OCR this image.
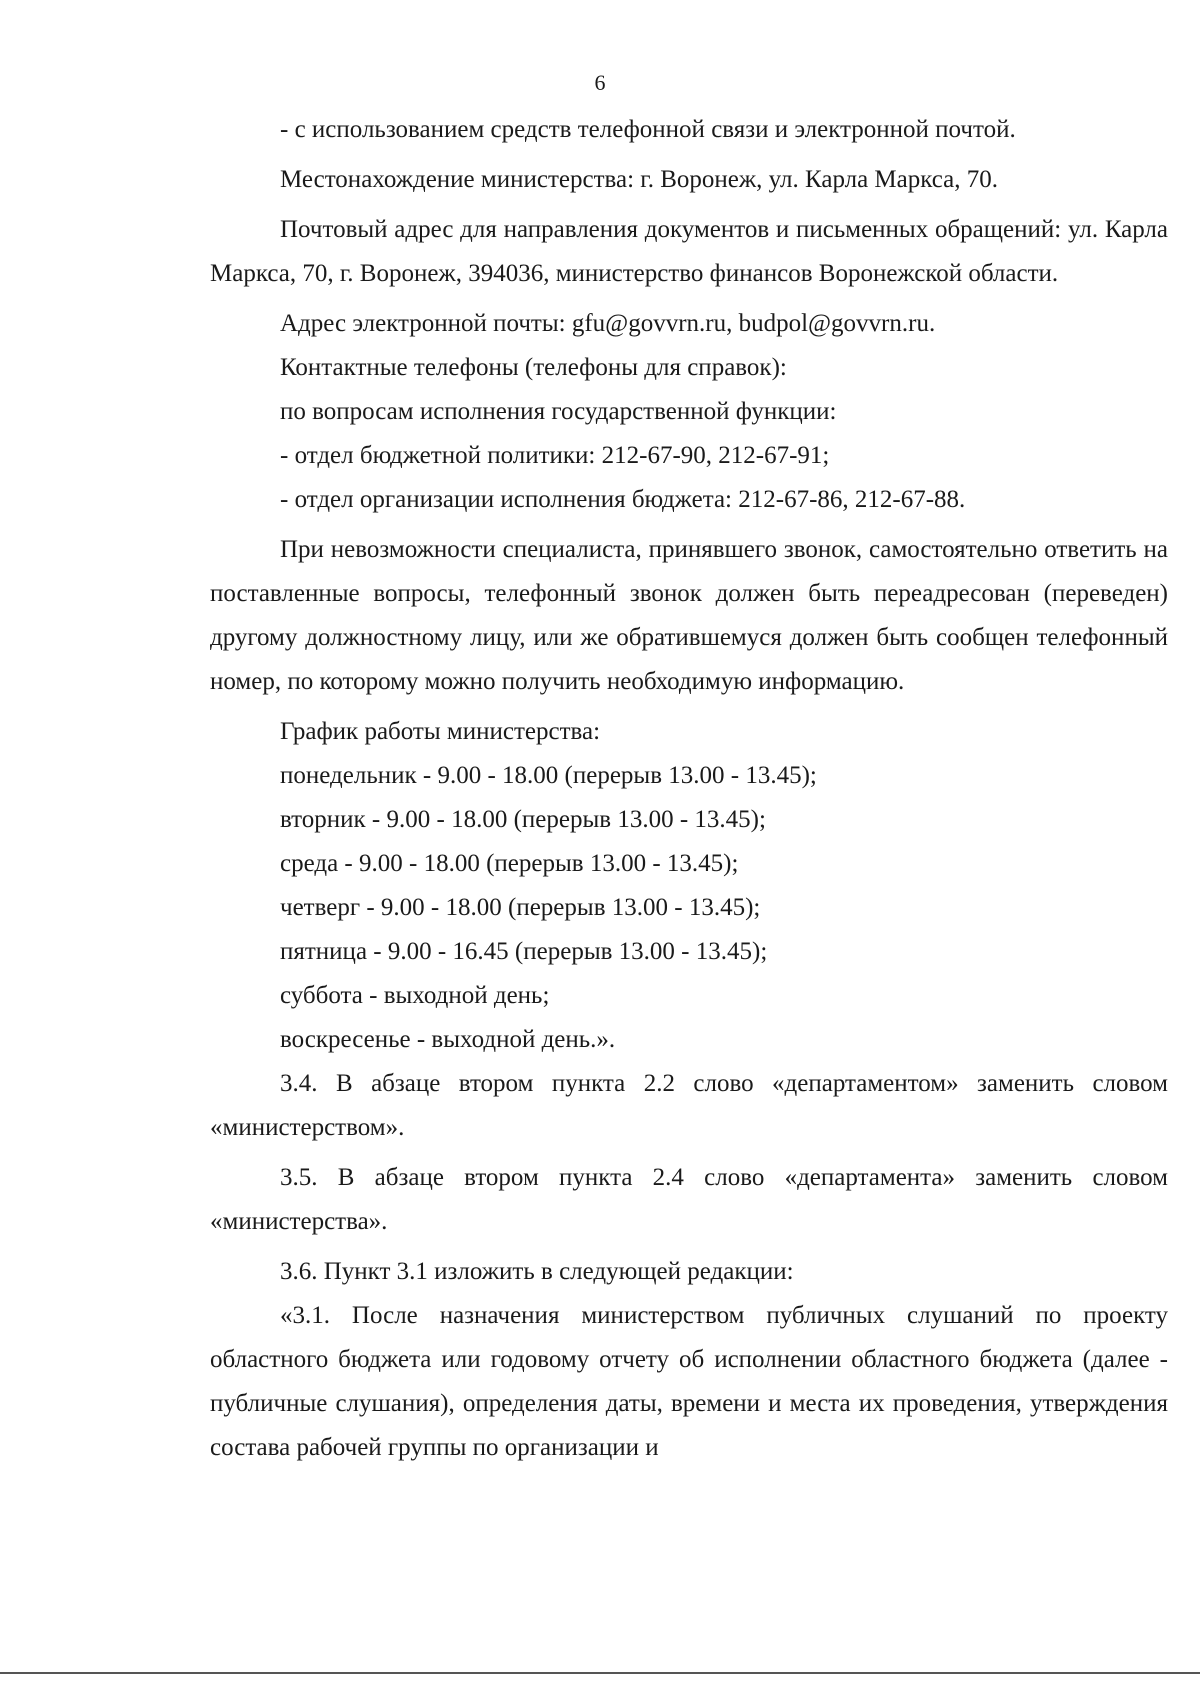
6

- с использованием средств телефонной связи и электронной почтой.

Местонахождение министерства: г. Воронеж, ул. Карла Маркса, 70.

Почтовый адрес для направления документов и письменных обращений: ул. Карла Маркса, 70, г. Воронеж, 394036, министерство финансов Воронежской области.

Адрес электронной почты: gfu@govvrn.ru, budpol@govvrn.ru.

Контактные телефоны (телефоны для справок):

по вопросам исполнения государственной функции:

- отдел бюджетной политики: 212-67-90, 212-67-91;

- отдел организации исполнения бюджета: 212-67-86, 212-67-88.

При невозможности специалиста, принявшего звонок, самостоятельно ответить на поставленные вопросы, телефонный звонок должен быть переадресован (переведен) другому должностному лицу, или же обратившемуся должен быть сообщен телефонный номер, по которому можно получить необходимую информацию.

График работы министерства:

понедельник - 9.00 - 18.00 (перерыв 13.00 - 13.45);

вторник - 9.00 - 18.00 (перерыв 13.00 - 13.45);

среда - 9.00 - 18.00 (перерыв 13.00 - 13.45);

четверг - 9.00 - 18.00 (перерыв 13.00 - 13.45);

пятница - 9.00 - 16.45 (перерыв 13.00 - 13.45);

суббота - выходной день;

воскресенье - выходной день.».

3.4. В абзаце втором пункта 2.2 слово «департаментом» заменить словом «министерством».

3.5. В абзаце втором пункта 2.4 слово «департамента» заменить словом «министерства».

3.6. Пункт 3.1 изложить в следующей редакции:

«3.1. После назначения министерством публичных слушаний по проекту областного бюджета или годовому отчету об исполнении областного бюджета (далее - публичные слушания), определения даты, времени и места их проведения, утверждения состава рабочей группы по организации и
